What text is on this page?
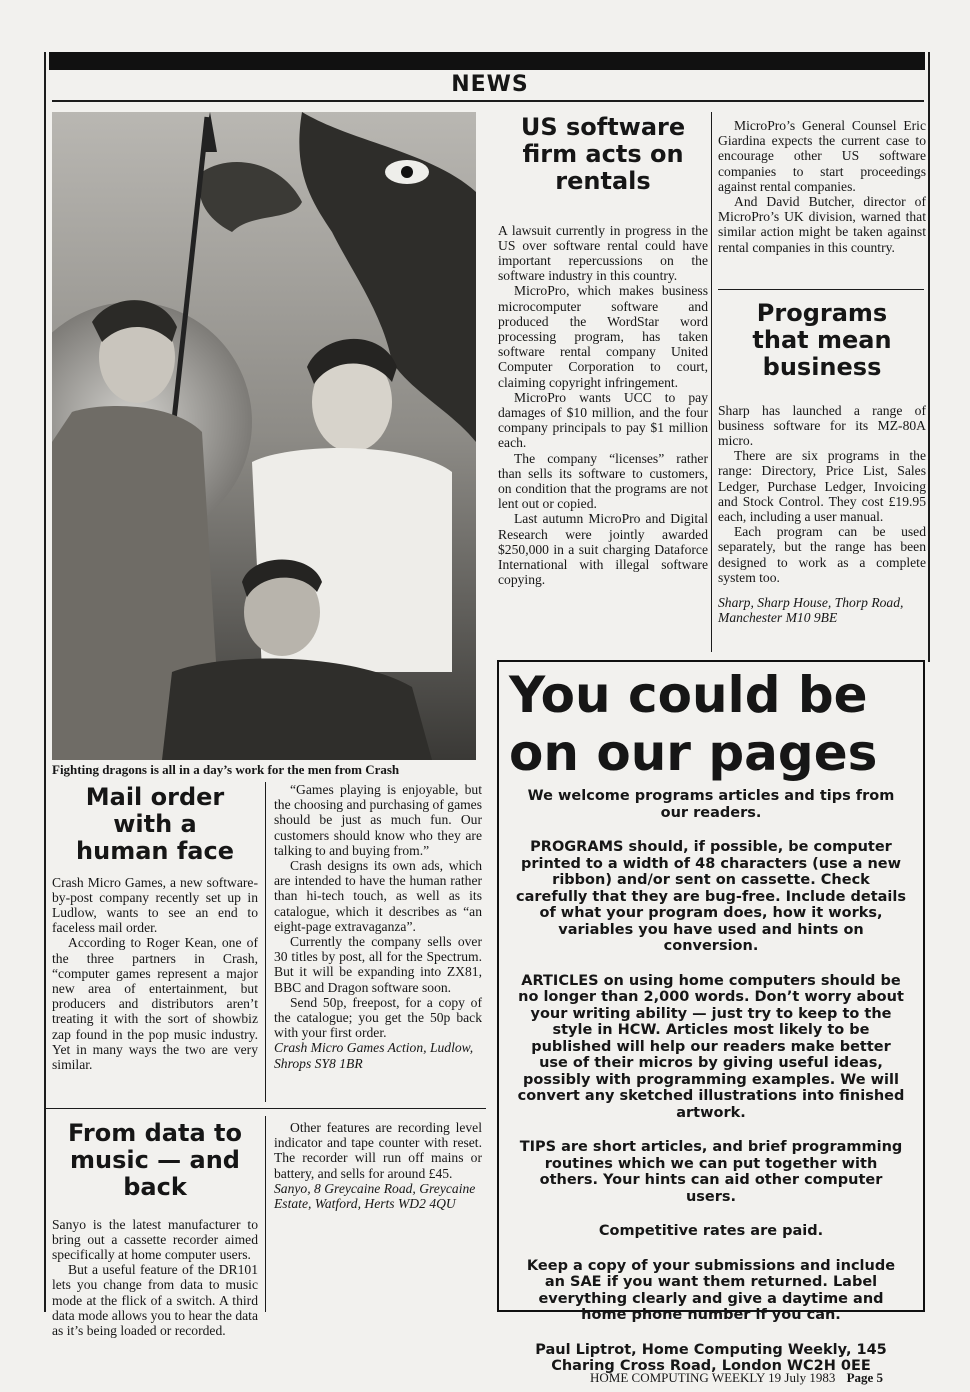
NEWS
Fighting dragons is all in a day’s work for the men from Crash
US software
firm acts on
rentals

A lawsuit currently in progress in the US over software rental could have important repercussions on the software industry in this country.

MicroPro, which makes business microcomputer software and produced the WordStar word processing program, has taken software rental company United Computer Corporation to court, claiming copyright infringement.

MicroPro wants UCC to pay damages of $10 million, and the four company principals to pay $1 million each.

The company “licenses” rather than sells its software to customers, on condition that the programs are not lent out or copied.

Last autumn MicroPro and Digital Research were jointly awarded $250,000 in a suit charging Dataforce International with illegal software copying.

MicroPro’s General Counsel Eric Giardina expects the current case to encourage other US software companies to start proceedings against rental companies.

And David Butcher, director of MicroPro’s UK division, warned that similar action might be taken against rental companies in this country.

Programs
that mean
business

Sharp has launched a range of business software for its MZ-80A micro.

There are six programs in the range: Directory, Price List, Sales Ledger, Purchase Ledger, Invoicing and Stock Control. They cost £19.95 each, including a user manual.

Each program can be used separately, but the range has been designed to work as a complete system too.

Sharp, Sharp House, Thorp Road, Manchester M10 9BE

Mail order
with a
human face

Crash Micro Games, a new software-by-post company recently set up in Ludlow, wants to see an end to faceless mail order.

According to Roger Kean, one of the three partners in Crash, “computer games represent a major new area of entertainment, but producers and distributors aren’t treating it with the sort of showbiz zap found in the pop music industry. Yet in many ways the two are very similar.

“Games playing is enjoyable, but the choosing and purchasing of games should be just as much fun. Our customers should know who they are talking to and buying from.”

Crash designs its own ads, which are intended to have the human rather than hi-tech touch, as well as its catalogue, which it describes as “an eight-page extravaganza”.

Currently the company sells over 30 titles by post, all for the Spectrum. But it will be expanding into ZX81, BBC and Dragon software soon.

Send 50p, freepost, for a copy of the catalogue; you get the 50p back with your first order.

Crash Micro Games Action, Ludlow, Shrops SY8 1BR

From data to
music — and
back

Sanyo is the latest manufacturer to bring out a cassette recorder aimed specifically at home computer users.

But a useful feature of the DR101 lets you change from data to music mode at the flick of a switch. A third data mode allows you to hear the data as it’s being loaded or recorded.

Other features are recording level indicator and tape counter with reset. The recorder will run off mains or battery, and sells for around £45.

Sanyo, 8 Greycaine Road, Greycaine Estate, Watford, Herts WD2 4QU

You could be
on our pages

We welcome programs articles and tips from our readers.

PROGRAMS should, if possible, be computer printed to a width of 48 characters (use a new ribbon) and/or sent on cassette. Check carefully that they are bug-free. Include details of what your program does, how it works, variables you have used and hints on conversion.

ARTICLES on using home computers should be no longer than 2,000 words. Don’t worry about your writing ability — just try to keep to the style in HCW. Articles most likely to be published will help our readers make better use of their micros by giving useful ideas, possibly with programming examples. We will convert any sketched illustrations into finished artwork.

TIPS are short articles, and brief programming routines which we can put together with others. Your hints can aid other computer users.

Competitive rates are paid.

Keep a copy of your submissions and include an SAE if you want them returned. Label everything clearly and give a daytime and home phone number if you can.

Paul Liptrot, Home Computing Weekly, 145 Charing Cross Road, London WC2H 0EE

HOME COMPUTING WEEKLY 19 July 1983 Page 5
